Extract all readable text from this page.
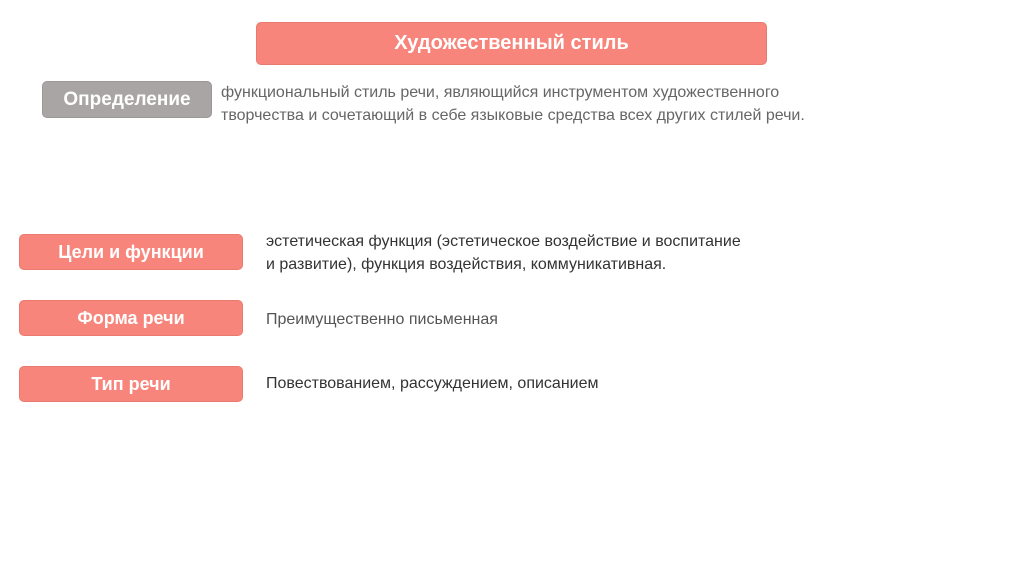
Художественный стиль
Определение	функциональный стиль речи, являющийся инструментом художественного
творчества и сочетающий в себе языковые средства всех других стилей речи.
Цели и функции	эстетическая функция (эстетическое воздействие и воспитание
и развитие), функция воздействия, коммуникативная.
Форма речи	Преимущественно письменная
Тип речи	Повествованием, рассуждением, описанием
